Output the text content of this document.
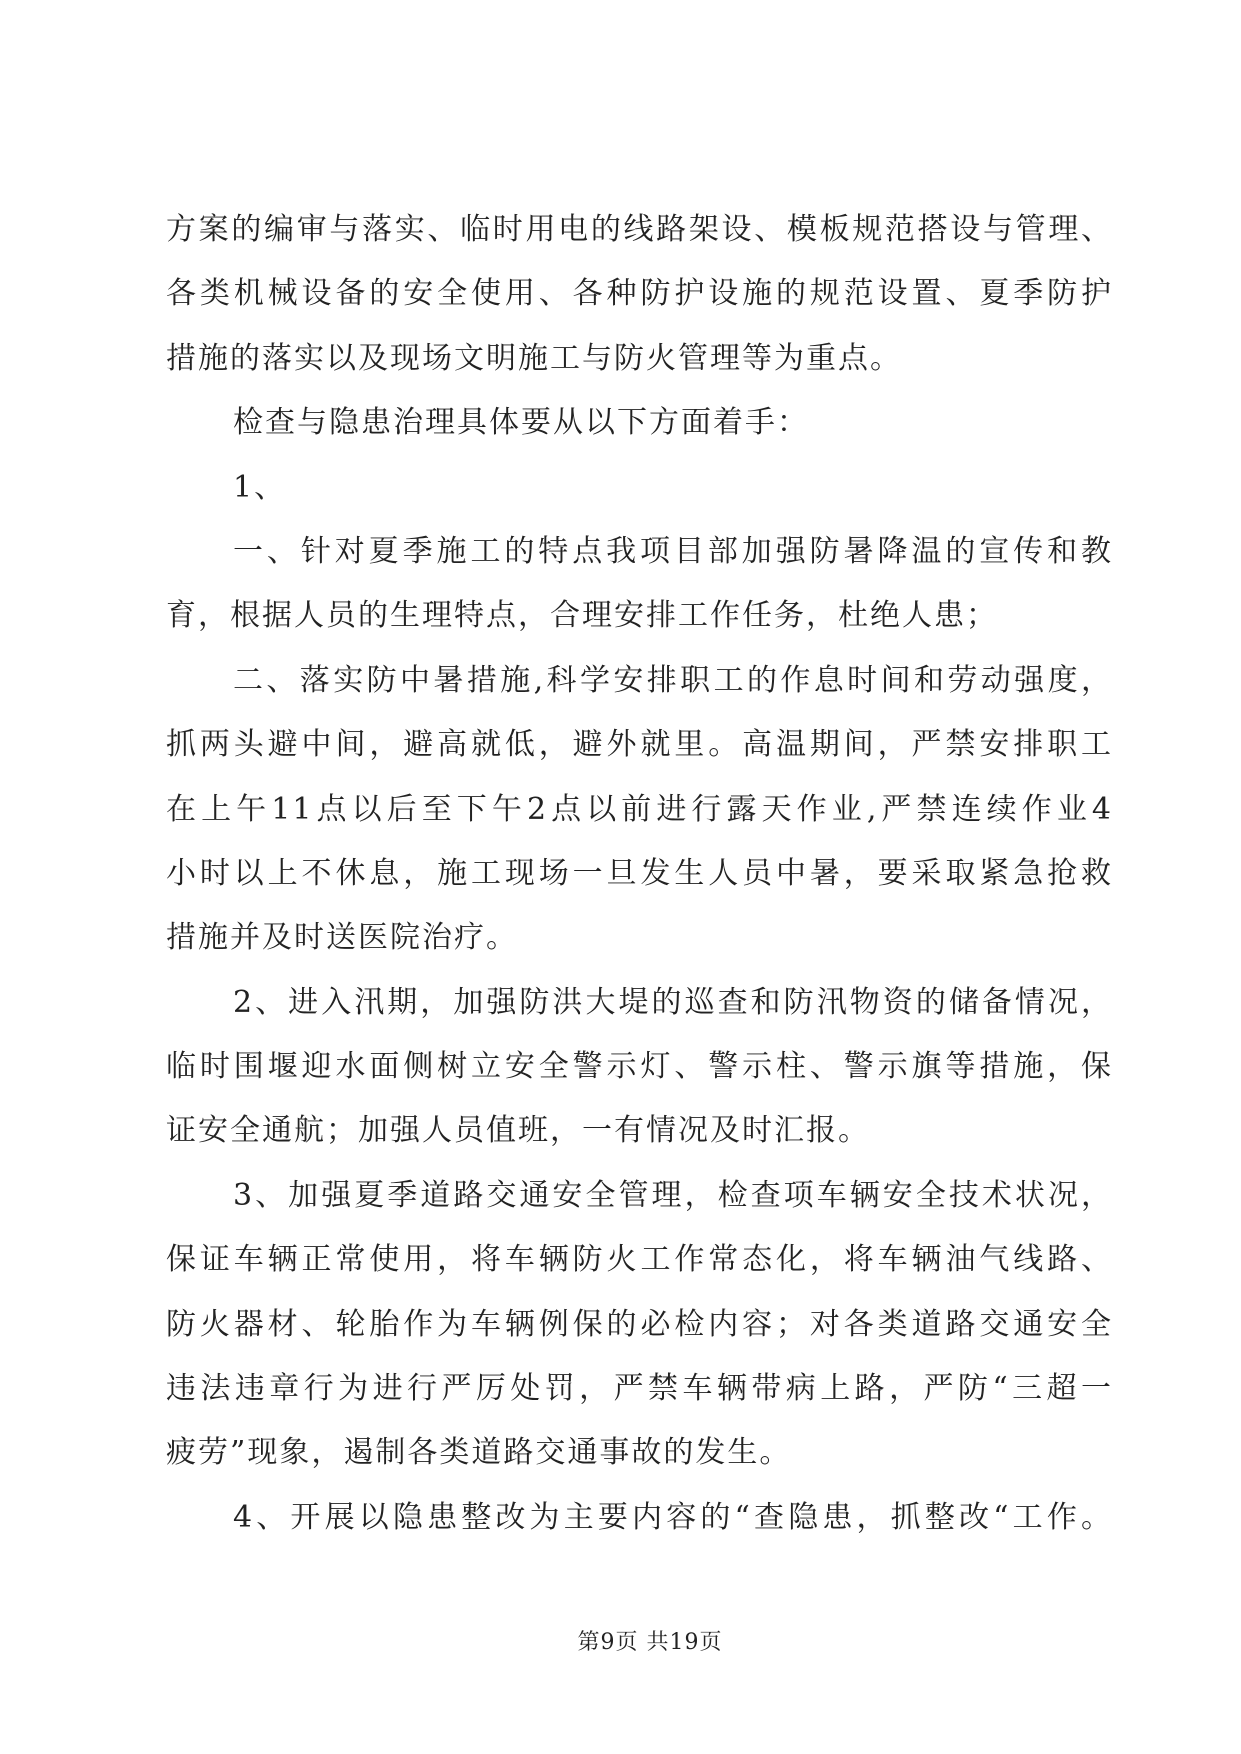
方案的编审与落实、临时用电的线路架设、模板规范搭设与管理、
各类机械设备的安全使用、各种防护设施的规范设置、夏季防护
措施的落实以及现场文明施工与防火管理等为重点。
检查与隐患治理具体要从以下方面着手：
1、
一、针对夏季施工的特点我项目部加强防暑降温的宣传和教
育，根据人员的生理特点，合理安排工作任务，杜绝人患；
二、落实防中暑措施,科学安排职工的作息时间和劳动强度，
抓两头避中间，避高就低，避外就里。高温期间，严禁安排职工
在上午11点以后至下午2点以前进行露天作业,严禁连续作业4
小时以上不休息，施工现场一旦发生人员中暑，要采取紧急抢救
措施并及时送医院治疗。
2、进入汛期，加强防洪大堤的巡查和防汛物资的储备情况，
临时围堰迎水面侧树立安全警示灯、警示柱、警示旗等措施，保
证安全通航；加强人员值班，一有情况及时汇报。
3、加强夏季道路交通安全管理，检查项车辆安全技术状况，
保证车辆正常使用，将车辆防火工作常态化，将车辆油气线路、
防火器材、轮胎作为车辆例保的必检内容；对各类道路交通安全
违法违章行为进行严厉处罚，严禁车辆带病上路，严防“三超一
疲劳”现象，遏制各类道路交通事故的发生。
4、开展以隐患整改为主要内容的“查隐患，抓整改“工作。
第9页 共19页
